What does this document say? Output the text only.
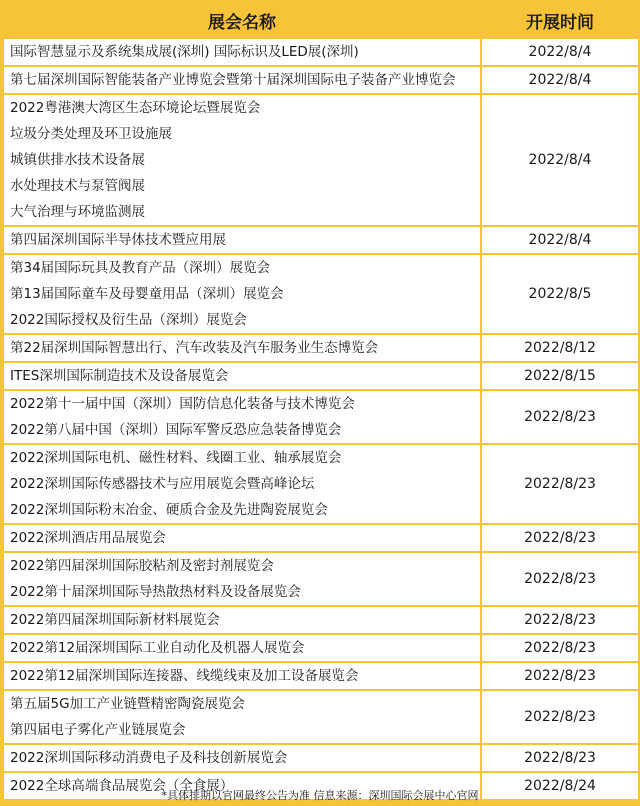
展会名称	开展时间

国际智慧显示及系统集成展(深圳) 国际标识及LED展(深圳)	2022/8/4

第七届深圳国际智能装备产业博览会暨第十届深圳国际电子装备产业博览会	2022/8/4

2022粤港澳大湾区生态环境论坛暨展览会
垃圾分类处理及环卫设施展
城镇供排水技术设备展
水处理技术与泵管阀展
大气治理与环境监测展	2022/8/4

第四届深圳国际半导体技术暨应用展	2022/8/4

第34届国际玩具及教育产品（深圳）展览会
第13届国际童车及母婴童用品（深圳）展览会
2022国际授权及衍生品（深圳）展览会	2022/8/5

第22届深圳国际智慧出行、汽车改装及汽车服务业生态博览会	2022/8/12

ITES深圳国际制造技术及设备展览会	2022/8/15

2022第十一届中国（深圳）国防信息化装备与技术博览会
2022第八届中国（深圳）国际军警反恐应急装备博览会	2022/8/23

2022深圳国际电机、磁性材料、线圈工业、轴承展览会
2022深圳国际传感器技术与应用展览会暨高峰论坛
2022深圳国际粉末冶金、硬质合金及先进陶瓷展览会	2022/8/23

2022深圳酒店用品展览会	2022/8/23

2022第四届深圳国际胶粘剂及密封剂展览会
2022第十届深圳国际导热散热材料及设备展览会	2022/8/23

2022第四届深圳国际新材料展览会	2022/8/23

2022第12届深圳国际工业自动化及机器人展览会	2022/8/23

2022第12届深圳国际连接器、线缆线束及加工设备展览会	2022/8/23

第五届5G加工产业链暨精密陶瓷展览会
第四届电子雾化产业链展览会	2022/8/23

2022深圳国际移动消费电子及科技创新展览会	2022/8/23

2022全球高端食品展览会（全食展）	2022/8/24
*具体排期以官网最终公告为准 信息来源：深圳国际会展中心官网
